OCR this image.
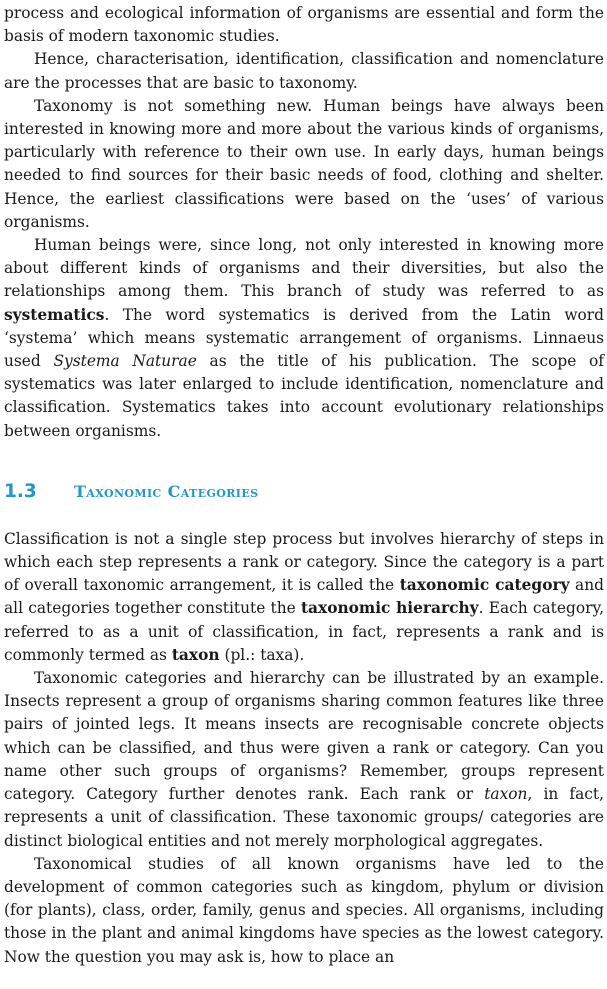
process and ecological information of organisms are essential and form the basis of modern taxonomic studies.

Hence, characterisation, identification, classification and nomenclature are the processes that are basic to taxonomy.

Taxonomy is not something new. Human beings have always been interested in knowing more and more about the various kinds of organisms, particularly with reference to their own use. In early days, human beings needed to find sources for their basic needs of food, clothing and shelter. Hence, the earliest classifications were based on the ‘uses’ of various organisms.

Human beings were, since long, not only interested in knowing more about different kinds of organisms and their diversities, but also the relationships among them. This branch of study was referred to as systematics. The word systematics is derived from the Latin word ‘systema’ which means systematic arrangement of organisms. Linnaeus used Systema Naturae as the title of his publication. The scope of systematics was later enlarged to include identification, nomenclature and classification. Systematics takes into account evolutionary relationships between organisms.

1.3	Taxonomic Categories

Classification is not a single step process but involves hierarchy of steps in which each step represents a rank or category. Since the category is a part of overall taxonomic arrangement, it is called the taxonomic category and all categories together constitute the taxonomic hierarchy. Each category, referred to as a unit of classification, in fact, represents a rank and is commonly termed as taxon (pl.: taxa).

Taxonomic categories and hierarchy can be illustrated by an example. Insects represent a group of organisms sharing common features like three pairs of jointed legs. It means insects are recognisable concrete objects which can be classified, and thus were given a rank or category. Can you name other such groups of organisms? Remember, groups represent category. Category further denotes rank. Each rank or taxon, in fact, represents a unit of classification. These taxonomic groups/ categories are distinct biological entities and not merely morphological aggregates.

Taxonomical studies of all known organisms have led to the development of common categories such as kingdom, phylum or division (for plants), class, order, family, genus and species. All organisms, including those in the plant and animal kingdoms have species as the lowest category. Now the question you may ask is, how to place an
